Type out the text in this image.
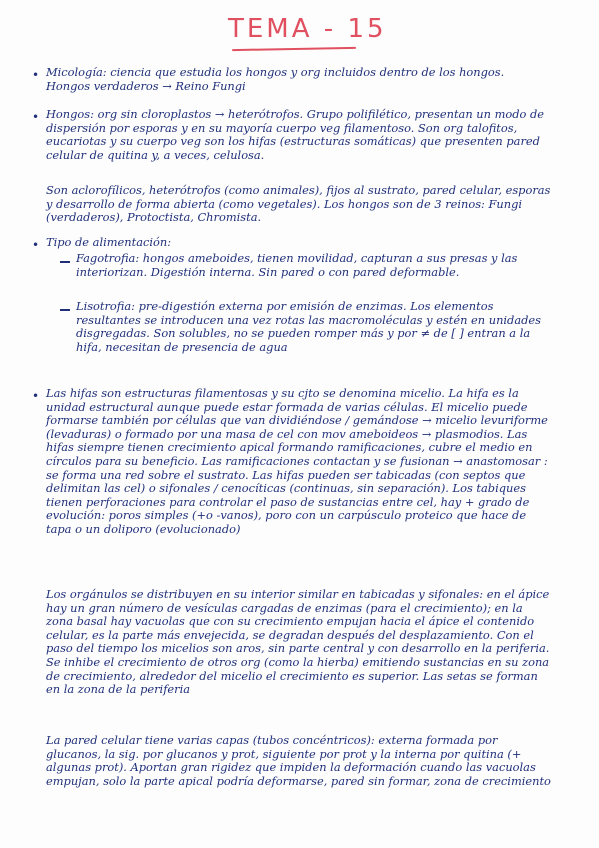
TEMA - 15
• Micología: ciencia que estudia los hongos y org incluidos dentro de los hongos. Hongos verdaderos → Reino Fungi

• Hongos: org sin cloroplastos → heterótrofos. Grupo polifilético, presentan un modo de dispersión por esporas y en su mayoría cuerpo veg filamentoso. Son org talofitos, eucariotas y su cuerpo veg son los hifas (estructuras somáticas) que presenten pared celular de quitina y, a veces, celulosa.

Son aclorofílicos, heterótrofos (como animales), fijos al sustrato, pared celular, esporas y desarrollo de forma abierta (como vegetales). Los hongos son de 3 reinos: Fungi (verdaderos), Protoctista, Chromista.

• Tipo de alimentación:

Fagotrofia: hongos ameboides, tienen movilidad, capturan a sus presas y las interiorizan. Digestión interna. Sin pared o con pared deformable.

Lisotrofia: pre-digestión externa por emisión de enzimas. Los elementos resultantes se introducen una vez rotas las macromoléculas y estén en unidades disgregadas. Son solubles, no se pueden romper más y por ≠ de [ ] entran a la hifa, necesitan de presencia de agua

• Las hifas son estructuras filamentosas y su cjto se denomina micelio. La hifa es la unidad estructural aunque puede estar formada de varias células. El micelio puede formarse también por células que van dividiéndose / gemándose → micelio levuriforme (levaduras) o formado por una masa de cel con mov ameboideos → plasmodios. Las hifas siempre tienen crecimiento apical formando ramificaciones, cubre el medio en círculos para su beneficio. Las ramificaciones contactan y se fusionan → anastomosar : se forma una red sobre el sustrato. Las hifas pueden ser tabicadas (con septos que delimitan las cel) o sifonales / cenocíticas (continuas, sin separación). Los tabiques tienen perforaciones para controlar el paso de sustancias entre cel, hay + grado de evolución: poros simples (+o -vanos), poro con un carpúsculo proteico que hace de tapa o un doliporo (evolucionado)

Los orgánulos se distribuyen en su interior similar en tabicadas y sifonales: en el ápice hay un gran número de vesículas cargadas de enzimas (para el crecimiento); en la zona basal hay vacuolas que con su crecimiento empujan hacia el ápice el contenido celular, es la parte más envejecida, se degradan después del desplazamiento. Con el paso del tiempo los micelios son aros, sin parte central y con desarrollo en la periferia. Se inhibe el crecimiento de otros org (como la hierba) emitiendo sustancias en su zona de crecimiento, alrededor del micelio el crecimiento es superior. Las setas se forman en la zona de la periferia

La pared celular tiene varias capas (tubos concéntricos): externa formada por glucanos, la sig. por glucanos y prot, siguiente por prot y la interna por quitina (+ algunas prot). Aportan gran rigidez que impiden la deformación cuando las vacuolas empujan, solo la parte apical podría deformarse, pared sin formar, zona de crecimiento
